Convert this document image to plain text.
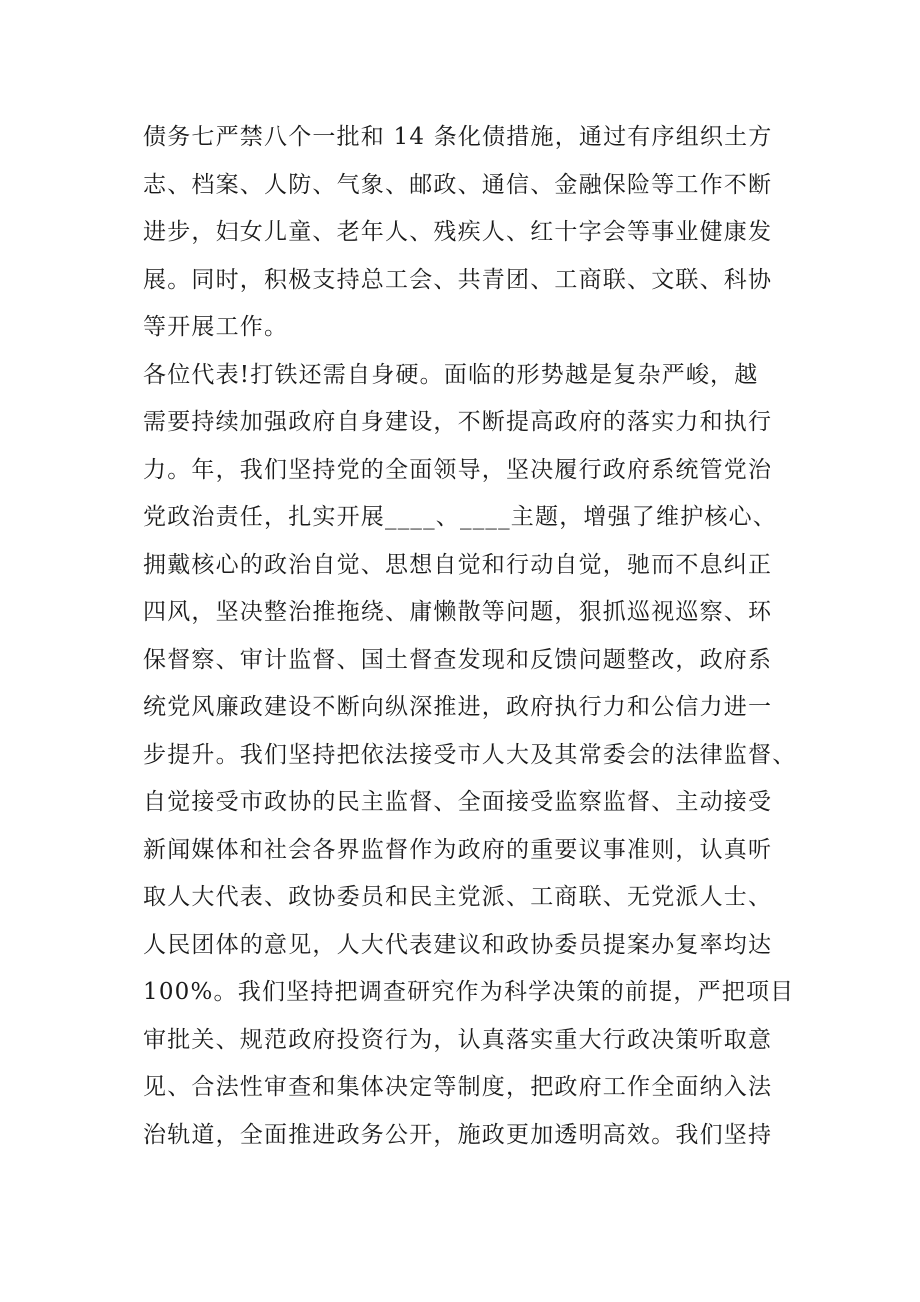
债务七严禁八个一批和 14 条化债措施，通过有序组织土方
志、档案、人防、气象、邮政、通信、金融保险等工作不断
进步，妇女儿童、老年人、残疾人、红十字会等事业健康发
展。同时，积极支持总工会、共青团、工商联、文联、科协
等开展工作。
各位代表!打铁还需自身硬。面临的形势越是复杂严峻，越
需要持续加强政府自身建设，不断提高政府的落实力和执行
力。年，我们坚持党的全面领导，坚决履行政府系统管党治
党政治责任，扎实开展____、____主题，增强了维护核心、
拥戴核心的政治自觉、思想自觉和行动自觉，驰而不息纠正
四风，坚决整治推拖绕、庸懒散等问题，狠抓巡视巡察、环
保督察、审计监督、国土督查发现和反馈问题整改，政府系
统党风廉政建设不断向纵深推进，政府执行力和公信力进一
步提升。我们坚持把依法接受市人大及其常委会的法律监督、
自觉接受市政协的民主监督、全面接受监察监督、主动接受
新闻媒体和社会各界监督作为政府的重要议事准则，认真听
取人大代表、政协委员和民主党派、工商联、无党派人士、
人民团体的意见，人大代表建议和政协委员提案办复率均达
100%。我们坚持把调查研究作为科学决策的前提，严把项目
审批关、规范政府投资行为，认真落实重大行政决策听取意
见、合法性审查和集体决定等制度，把政府工作全面纳入法
治轨道，全面推进政务公开，施政更加透明高效。我们坚持
